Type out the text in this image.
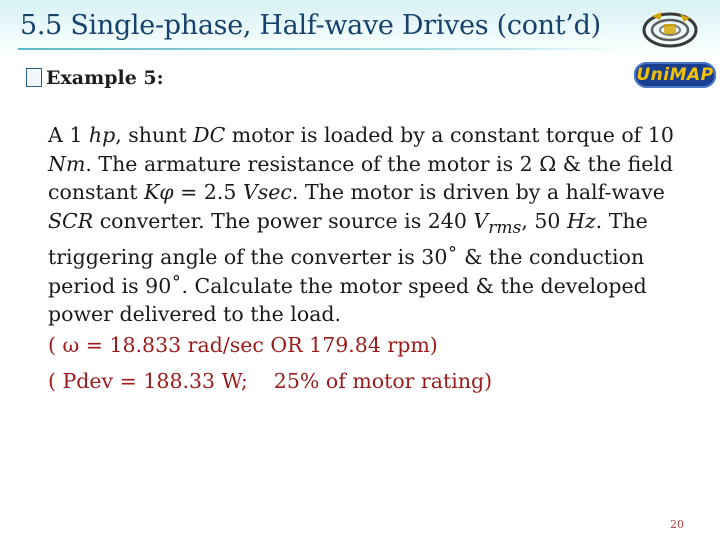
5.5 Single-phase, Half-wave Drives (cont’d)
UniMAP
Example 5:
A 1 hp, shunt DC motor is loaded by a constant torque of 10
Nm. The armature resistance of the motor is 2 Ω & the field
constant Kφ = 2.5 Vsec. The motor is driven by a half-wave
SCR converter. The power source is 240 $V_{rms}$, 50 Hz. The
triggering angle of the converter is 30˚ & the conduction
period is 90˚. Calculate the motor speed & the developed
power delivered to the load.
( ω = 18.833 rad/sec OR 179.84 rpm)
( Pdev = 188.33 W; 25% of motor rating)
20
